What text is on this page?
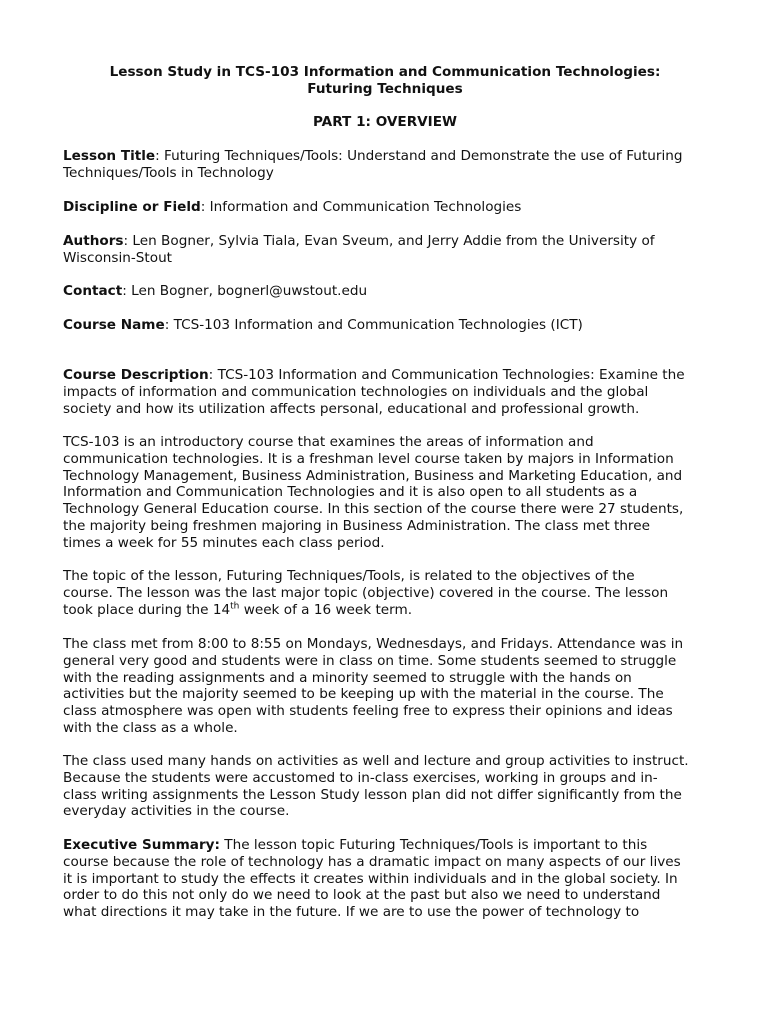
Lesson Study in TCS-103 Information and Communication Technologies:
Futuring Techniques
PART 1: OVERVIEW

Lesson Title: Futuring Techniques/Tools: Understand and Demonstrate the use of Futuring
Techniques/Tools in Technology

Discipline or Field: Information and Communication Technologies

Authors: Len Bogner, Sylvia Tiala, Evan Sveum, and Jerry Addie from the University of
Wisconsin-Stout

Contact: Len Bogner, bognerl@uwstout.edu

Course Name: TCS-103 Information and Communication Technologies (ICT)

Course Description: TCS-103 Information and Communication Technologies: Examine the
impacts of information and communication technologies on individuals and the global
society and how its utilization affects personal, educational and professional growth.

TCS-103 is an introductory course that examines the areas of information and
communication technologies. It is a freshman level course taken by majors in Information
Technology Management, Business Administration, Business and Marketing Education, and
Information and Communication Technologies and it is also open to all students as a
Technology General Education course. In this section of the course there were 27 students,
the majority being freshmen majoring in Business Administration. The class met three
times a week for 55 minutes each class period.

The topic of the lesson, Futuring Techniques/Tools, is related to the objectives of the
course. The lesson was the last major topic (objective) covered in the course. The lesson
took place during the 14th week of a 16 week term.

The class met from 8:00 to 8:55 on Mondays, Wednesdays, and Fridays. Attendance was in
general very good and students were in class on time. Some students seemed to struggle
with the reading assignments and a minority seemed to struggle with the hands on
activities but the majority seemed to be keeping up with the material in the course. The
class atmosphere was open with students feeling free to express their opinions and ideas
with the class as a whole.

The class used many hands on activities as well and lecture and group activities to instruct.
Because the students were accustomed to in-class exercises, working in groups and in-
class writing assignments the Lesson Study lesson plan did not differ significantly from the
everyday activities in the course.

Executive Summary: The lesson topic Futuring Techniques/Tools is important to this
course because the role of technology has a dramatic impact on many aspects of our lives
it is important to study the effects it creates within individuals and in the global society. In
order to do this not only do we need to look at the past but also we need to understand
what directions it may take in the future. If we are to use the power of technology to
